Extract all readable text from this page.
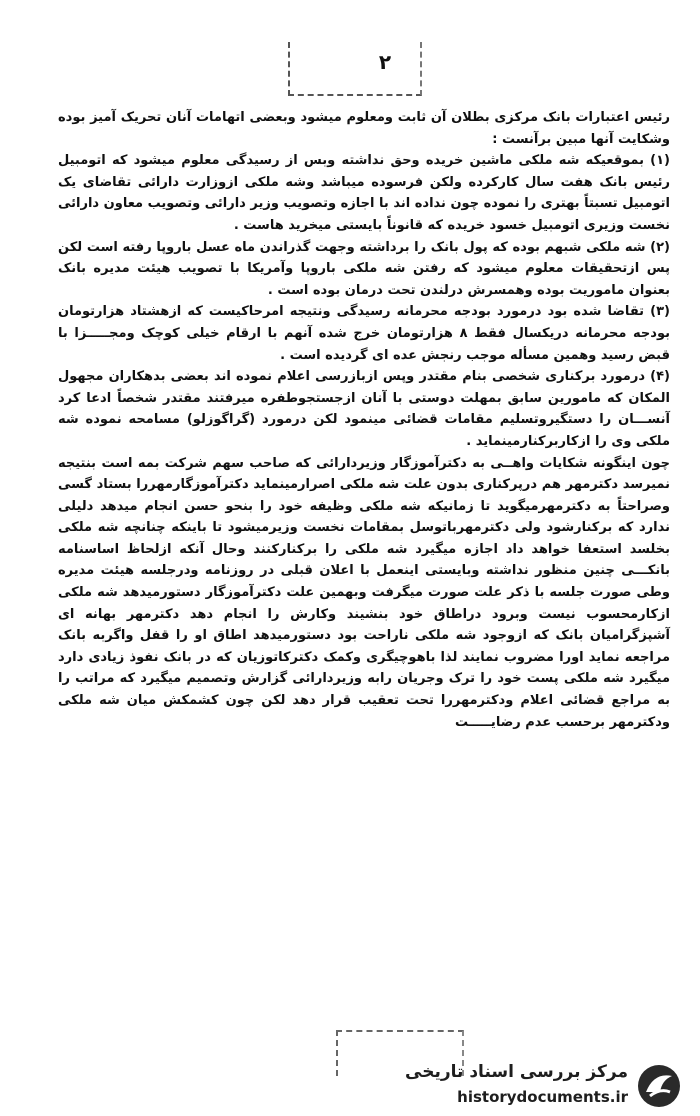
۲

رئیس اعتبارات بانک مرکزی بطلان آن ثابت ومعلوم میشود وبعضی اتهامات آنان تحریک آمیز بوده وشکایت آنها مبین برآنست :

(۱) بموقعیکه شه ملکی ماشین خریده وحق نداشته وبس از رسیدگی معلوم میشود که اتومبیل رئیس بانک هفت سال کارکرده ولکن فرسوده میباشد وشه ملکی ازوزارت دارائی تقاضای یک اتومبیل تسبتاً بهتری را نموده چون نداده اند با اجازه وتصویب وزیر دارائی وتصویب معاون دارائی نخست وزیری اتومبیل خسود خریده که قانوناً بایستی میخرید هاست .

(۲) شه ملکی شبهم بوده که پول بانک را برداشته وجهت گذراندن ماه عسل باروپا رفته است لکن پس ازتحقیقات معلوم میشود که رفتن شه ملکی باروپا وآمریکا با تصویب هیئت مدیره بانک بعنوان ماموریت بوده وهمسرش درلندن تحت درمان بوده است .

(۳) تقاضا شده بود درمورد بودجه محرمانه رسیدگی ونتیجه امرحاکیست که ازهشتاد هزارتومان بودجه محرمانه دریکسال فقط ۸ هزارتومان خرج شده آنهم با ارقام خیلی کوچک ومجـــــزا با قبض رسید وهمین مسأله موجب رنجش عده ای گردیده است .

(۴) درمورد برکناری شخصی بنام مقتدر وپس ازبازرسی اعلام نموده اند بعضی بدهکاران مجهول المکان که مامورین سابق بمهلت دوستی با آنان ازجستجوطفره میرفتند مقتدر شخصاً ادعا کرد آنســـان را دستگیروتسلیم مقامات قضائی مینمود لکن درمورد (گراگوزلو) مسامحه نموده شه ملکی وی را ازکاربرکنارمینماید .

چون اینگونه شکایات واهــی به دکترآموزگار وزیردارائی که صاحب سهم شرکت بمه است بنتیجه نمیرسد دکترمهر هم درپرکناری بدون علت شه ملکی اصرارمینماید دکترآموزگارمهررا بستاد گسی وصراحتاً به دکترمهرمیگوید تا زمانیکه شه ملکی وظیفه خود را بنحو حسن انجام میدهد دلیلی ندارد که برکنارشود ولی دکترمهرباتوسل بمقامات نخست وزیرمیشود تا باینکه چنانچه شه ملکی بخلسد استعفا خواهد داد اجازه میگیرد شه ملکی را برکنارکنند وحال آنکه ازلحاظ اساسنامه بانکـــی چنین منظور نداشته وبایستی اینعمل با اعلان قبلی در روزنامه ودرجلسه هیئت مدیره وطی صورت جلسه با ذکر علت صورت میگرفت وبهمین علت دکترآموزگار دستورمیدهد شه ملکی ازکارمحسوب نیست وبرود دراطاق خود بنشیند وکارش را انجام دهد دکترمهر بهانه ای آشپزگرامیان بانک که ازوجود شه ملکی ناراحت بود دستورمیدهد اطاق او را قفل واگربه بانک مراجعه نماید اورا مضروب نمایند لذا باهوچیگری وکمک دکترکاتوزیان که در بانک نفوذ زیادی دارد میگیرد شه ملکی پست خود را ترک وجریان رابه وزیردارائی گزارش وتصمیم میگیرد که مراتب را به مراجع قضائی اعلام ودکترمهررا تحت تعقیب قرار دهد لکن چون کشمکش میان شه ملکی ودکترمهر برحسب عدم رضایـــــت

مرکز بررسی اسناد تاریخی
historydocuments.ir
